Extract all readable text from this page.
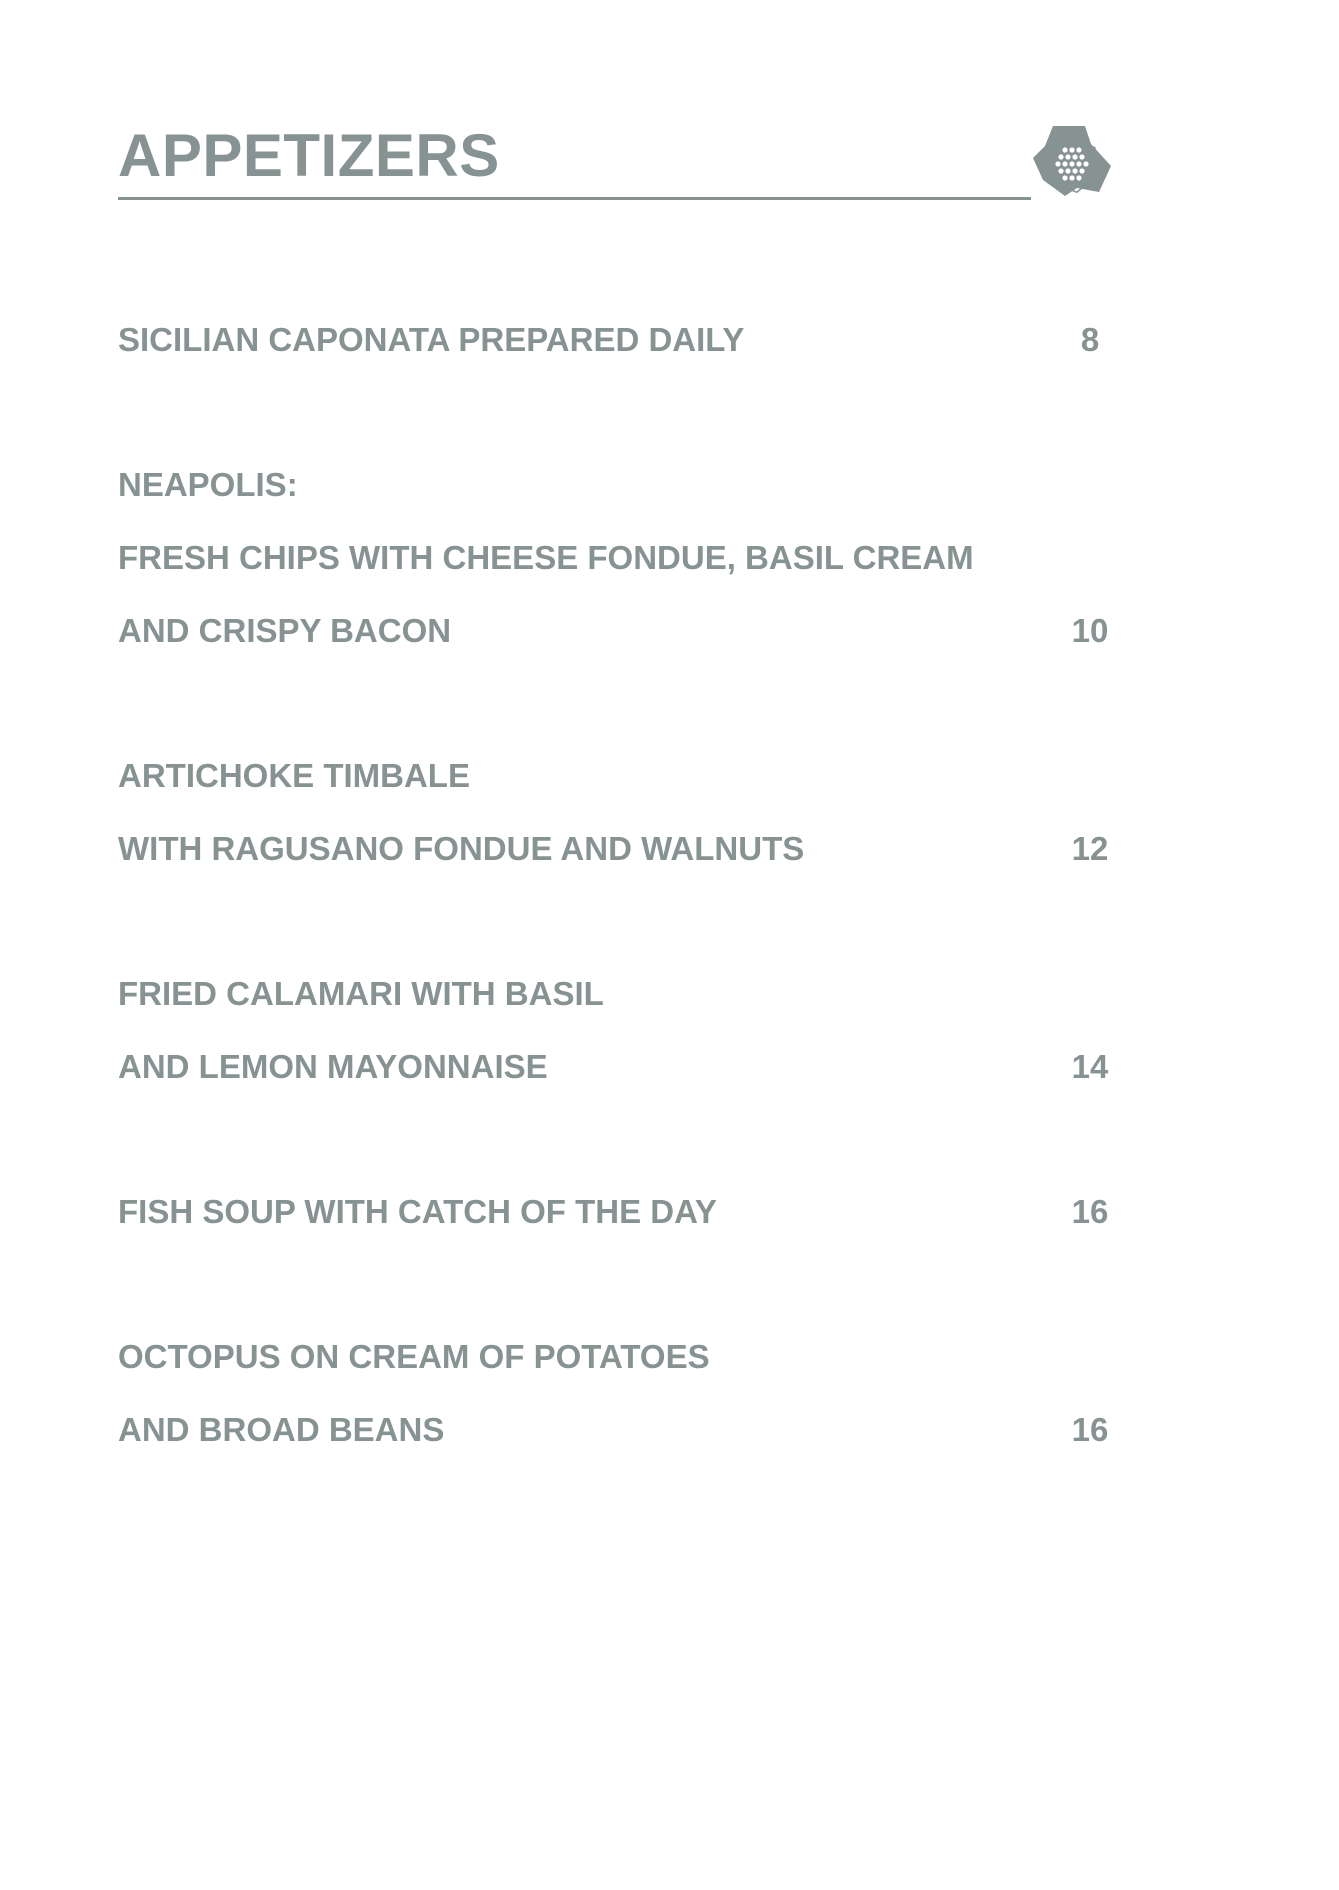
APPETIZERS
SICILIAN CAPONATA PREPARED DAILY	8
NEAPOLIS:
FRESH CHIPS WITH CHEESE FONDUE, BASIL CREAM
AND CRISPY BACON	10
ARTICHOKE TIMBALE
WITH RAGUSANO FONDUE AND WALNUTS	12
FRIED CALAMARI WITH BASIL
AND LEMON MAYONNAISE	14
FISH SOUP WITH CATCH OF THE DAY	16
OCTOPUS ON CREAM OF POTATOES
AND BROAD BEANS	16
